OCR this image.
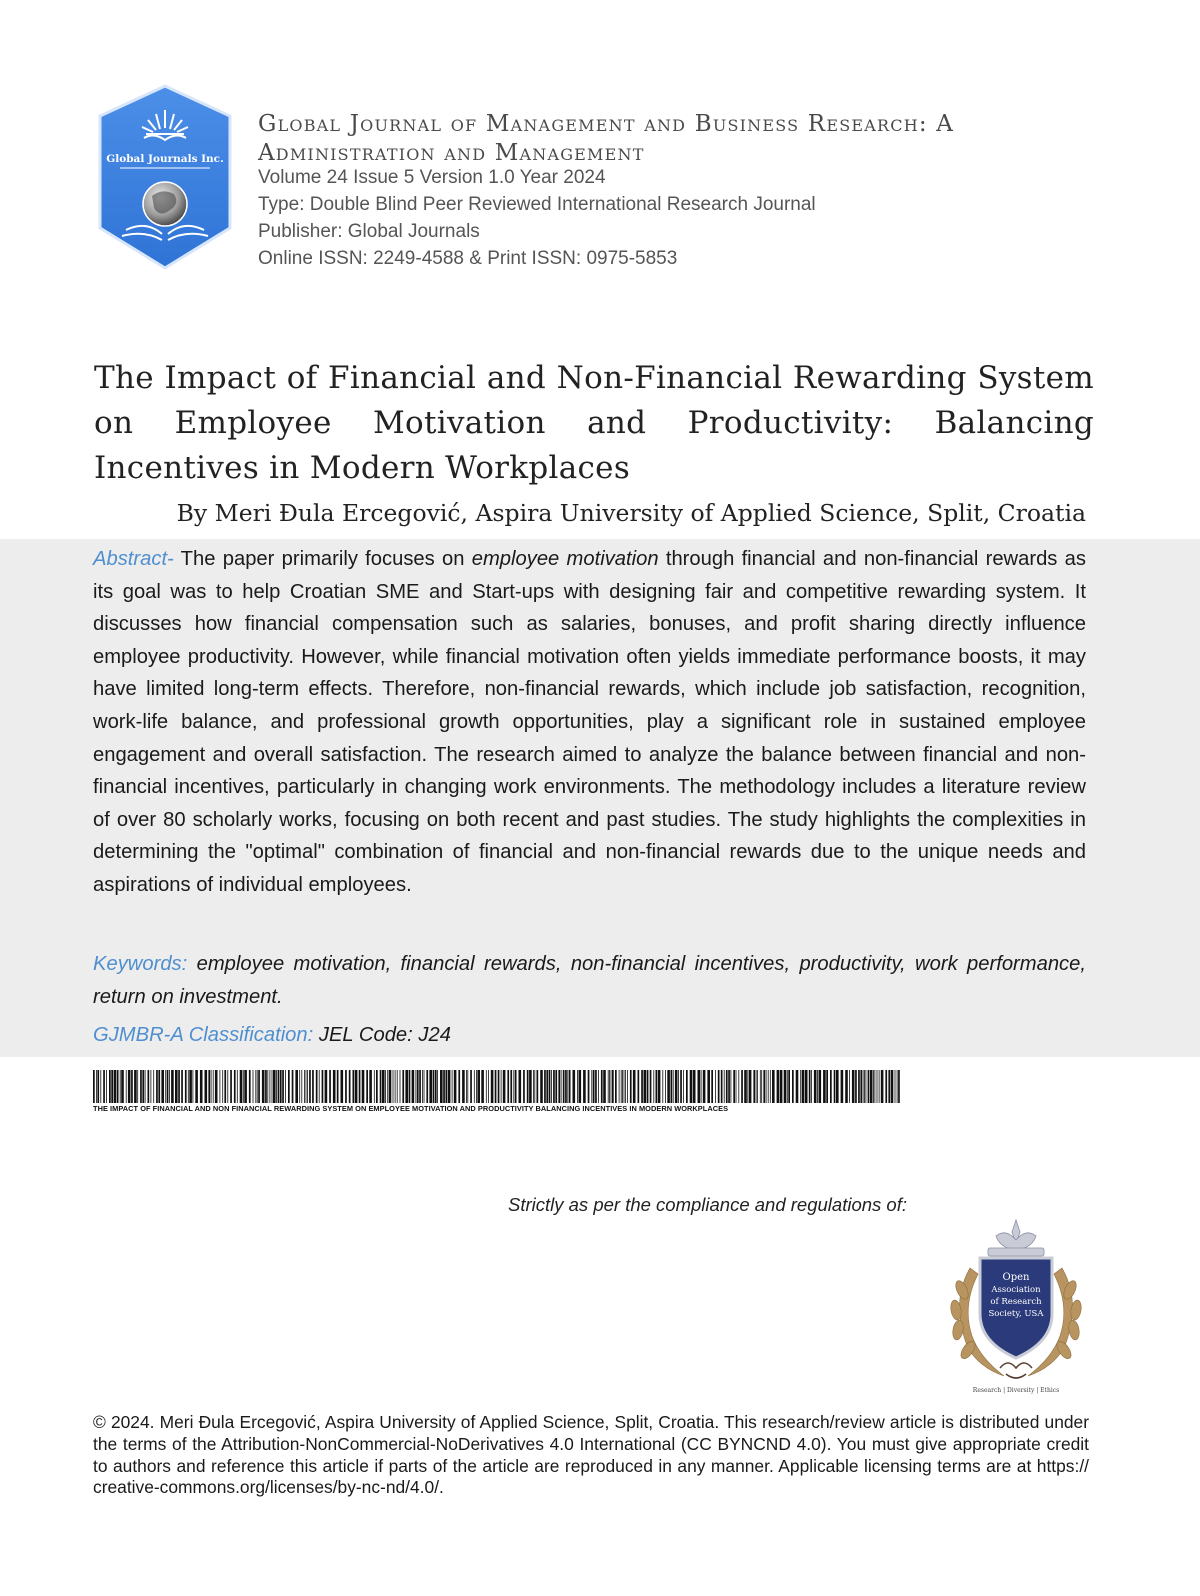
Global Journals Inc.
Global Journal of Management and Business Research: A Administration and Management
Volume 24 Issue 5 Version 1.0 Year 2024
Type: Double Blind Peer Reviewed International Research Journal
Publisher: Global Journals
Online ISSN: 2249-4588 & Print ISSN: 0975-5853
The Impact of Financial and Non-Financial Rewarding System on Employee Motivation and Productivity: Balancing Incentives in Modern Workplaces
By Meri Đula Ercegović, Aspira University of Applied Science, Split, Croatia
Abstract- The paper primarily focuses on employee motivation through financial and non-financial rewards as its goal was to help Croatian SME and Start-ups with designing fair and competitive rewarding system. It discusses how financial compensation such as salaries, bonuses, and profit sharing directly influence employee productivity. However, while financial motivation often yields immediate performance boosts, it may have limited long-term effects. Therefore, non-financial rewards, which include job satisfaction, recognition, work-life balance, and professional growth opportunities, play a significant role in sustained employee engagement and overall satisfaction. The research aimed to analyze the balance between financial and non-financial incentives, particularly in changing work environments. The methodology includes a literature review of over 80 scholarly works, focusing on both recent and past studies. The study highlights the complexities in determining the "optimal" combination of financial and non-financial rewards due to the unique needs and aspirations of individual employees.
Keywords: employee motivation, financial rewards, non-financial incentives, productivity, work performance, return on investment.
GJMBR-A Classification: JEL Code: J24
THE IMPACT OF FINANCIAL AND NON FINANCIAL REWARDING SYSTEM ON EMPLOYEE MOTIVATION AND PRODUCTIVITY BALANCING INCENTIVES IN MODERN WORKPLACES
Strictly as per the compliance and regulations of:
Open
Association
of Research
Society, USA
Research | Diversity | Ethics
© 2024. Meri Đula Ercegović, Aspira University of Applied Science, Split, Croatia. This research/review article is distributed under the terms of the Attribution-NonCommercial-NoDerivatives 4.0 International (CC BYNCND 4.0). You must give appropriate credit to authors and reference this article if parts of the article are reproduced in any manner. Applicable licensing terms are at https:// creative-commons.org/licenses/by-nc-nd/4.0/.
